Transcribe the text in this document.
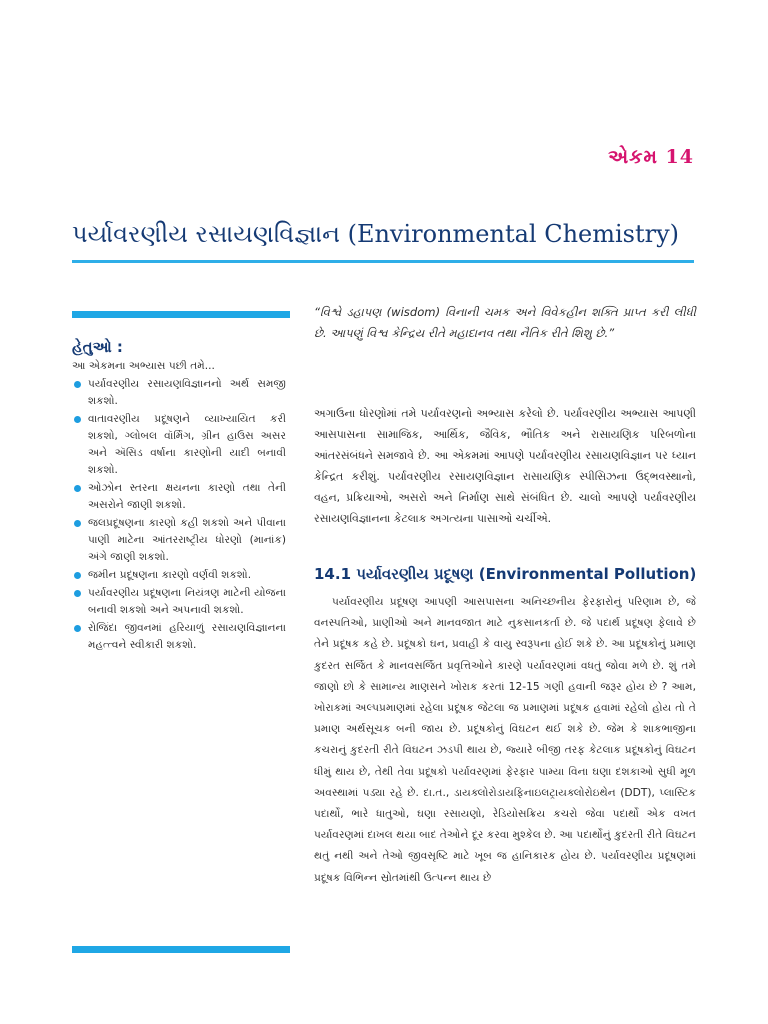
એકમ 14
પર્યાવરણીય રસાયણવિજ્ઞાન (Environmental Chemistry)
હેતુઓ :

આ એકમના અભ્યાસ પછી તમે...

પર્યાવરણીય રસાયણવિજ્ઞાનનો અર્થ સમજી શકશો.
વાતાવરણીય પ્રદૂષણને વ્યાખ્યાયિત કરી શકશો, ગ્લોબલ વૉર્મિંગ, ગ્રીન હાઉસ અસર અને ઍસિડ વર્ષાના કારણોની યાદી બનાવી શકશો.
ઓઝોન સ્તરના ક્ષયનના કારણો તથા તેની અસરોને જાણી શકશો.
જલપ્રદૂષણના કારણો કહી શકશો અને પીવાના પાણી માટેના આંતરરાષ્ટ્રીય ધોરણો (માનાંક) અંગે જાણી શકશો.
જમીન પ્રદૂષણના કારણો વર્ણવી શકશો.
પર્યાવરણીય પ્રદૂષણના નિયંત્રણ માટેની યોજના બનાવી શકશો અને અપનાવી શકશો.
રોજિંદા જીવનમાં હરિયાળું રસાયણવિજ્ઞાનના મહત્ત્વને સ્વીકારી શકશો.
“વિશ્વે ડહાપણ (wisdom) વિનાની ચમક અને વિવેકહીન શક્તિ પ્રાપ્ત કરી લીધી છે. આપણું વિશ્વ કેન્દ્રિય રીતે મહાદાનવ તથા નૈતિક રીતે શિશુ છે.”
અગાઉના ધોરણોમાં તમે પર્યાવરણનો અભ્યાસ કરેલો છે. પર્યાવરણીય અભ્યાસ આપણી આસપાસના સામાજિક, આર્થિક, જૈવિક, ભૌતિક અને રાસાયણિક પરિબળોના આંતરસંબંધને સમજાવે છે. આ એકમમાં આપણે પર્યાવરણીય રસાયણવિજ્ઞાન પર ધ્યાન કેન્દ્રિત કરીશું. પર્યાવરણીય રસાયણવિજ્ઞાન રાસાયણિક સ્પીસિઝના ઉદ્ભવસ્થાનો, વહન, પ્રક્રિયાઓ, અસરો અને નિર્માણ સાથે સંબંધિત છે. ચાલો આપણે પર્યાવરણીય રસાયણવિજ્ઞાનના કેટલાક અગત્યના પાસાઓ ચર્ચીએ.
14.1 પર્યાવરણીય પ્રદૂષણ (Environmental Pollution)
પર્યાવરણીય પ્રદૂષણ આપણી આસપાસના અનિચ્છનીય ફેરફારોનું પરિણામ છે, જે વનસ્પતિઓ, પ્રાણીઓ અને માનવજાત માટે નુકસાનકર્તા છે. જે પદાર્થ પ્રદૂષણ ફેલાવે છે તેને પ્રદૂષક કહે છે. પ્રદૂષકો ઘન, પ્રવાહી કે વાયુ સ્વરૂપના હોઈ શકે છે. આ પ્રદૂષકોનું પ્રમાણ કુદરત સર્જિત કે માનવસર્જિત પ્રવૃત્તિઓને કારણે પર્યાવરણમાં વધતું જોવા મળે છે. શું તમે જાણો છો કે સામાન્ય માણસને ખોરાક કરતાં 12-15 ગણી હવાની જરૂર હોય છે ? આમ, ખોરાકમાં અલ્પપ્રમાણમાં રહેલા પ્રદૂષક જેટલા જ પ્રમાણમાં પ્રદૂષક હવામાં રહેલો હોય તો તે પ્રમાણ અર્થસૂચક બની જાય છે. પ્રદૂષકોનું વિઘટન થઈ શકે છે. જેમ કે શાકભાજીના કચરાનું કુદરતી રીતે વિઘટન ઝડપી થાય છે, જ્યારે બીજી તરફ કેટલાક પ્રદૂષકોનું વિઘટન ધીમું થાય છે, તેથી તેવા પ્રદૂષકો પર્યાવરણમાં ફેરફાર પામ્યા વિના ઘણા દશકાઓ સુધી મૂળ અવસ્થામાં પડ્યા રહે છે. દા.ત., ડાયક્લોરોડાયફિનાઇલટ્રાયક્લોરોઇથેન (DDT), પ્લાસ્ટિક પદાર્થો, ભારે ધાતુઓ, ઘણા રસાયણો, રેડિયોસક્રિય કચરો જેવા પદાર્થો એક વખત પર્યાવરણમાં દાખલ થયા બાદ તેઓને દૂર કરવા મુશ્કેલ છે. આ પદાર્થોનું કુદરતી રીતે વિઘટન થતું નથી અને તેઓ જીવસૃષ્ટિ માટે ખૂબ જ હાનિકારક હોય છે. પર્યાવરણીય પ્રદૂષણમાં પ્રદૂષક વિભિન્ન સ્રોતમાંથી ઉત્પન્ન થાય છે
